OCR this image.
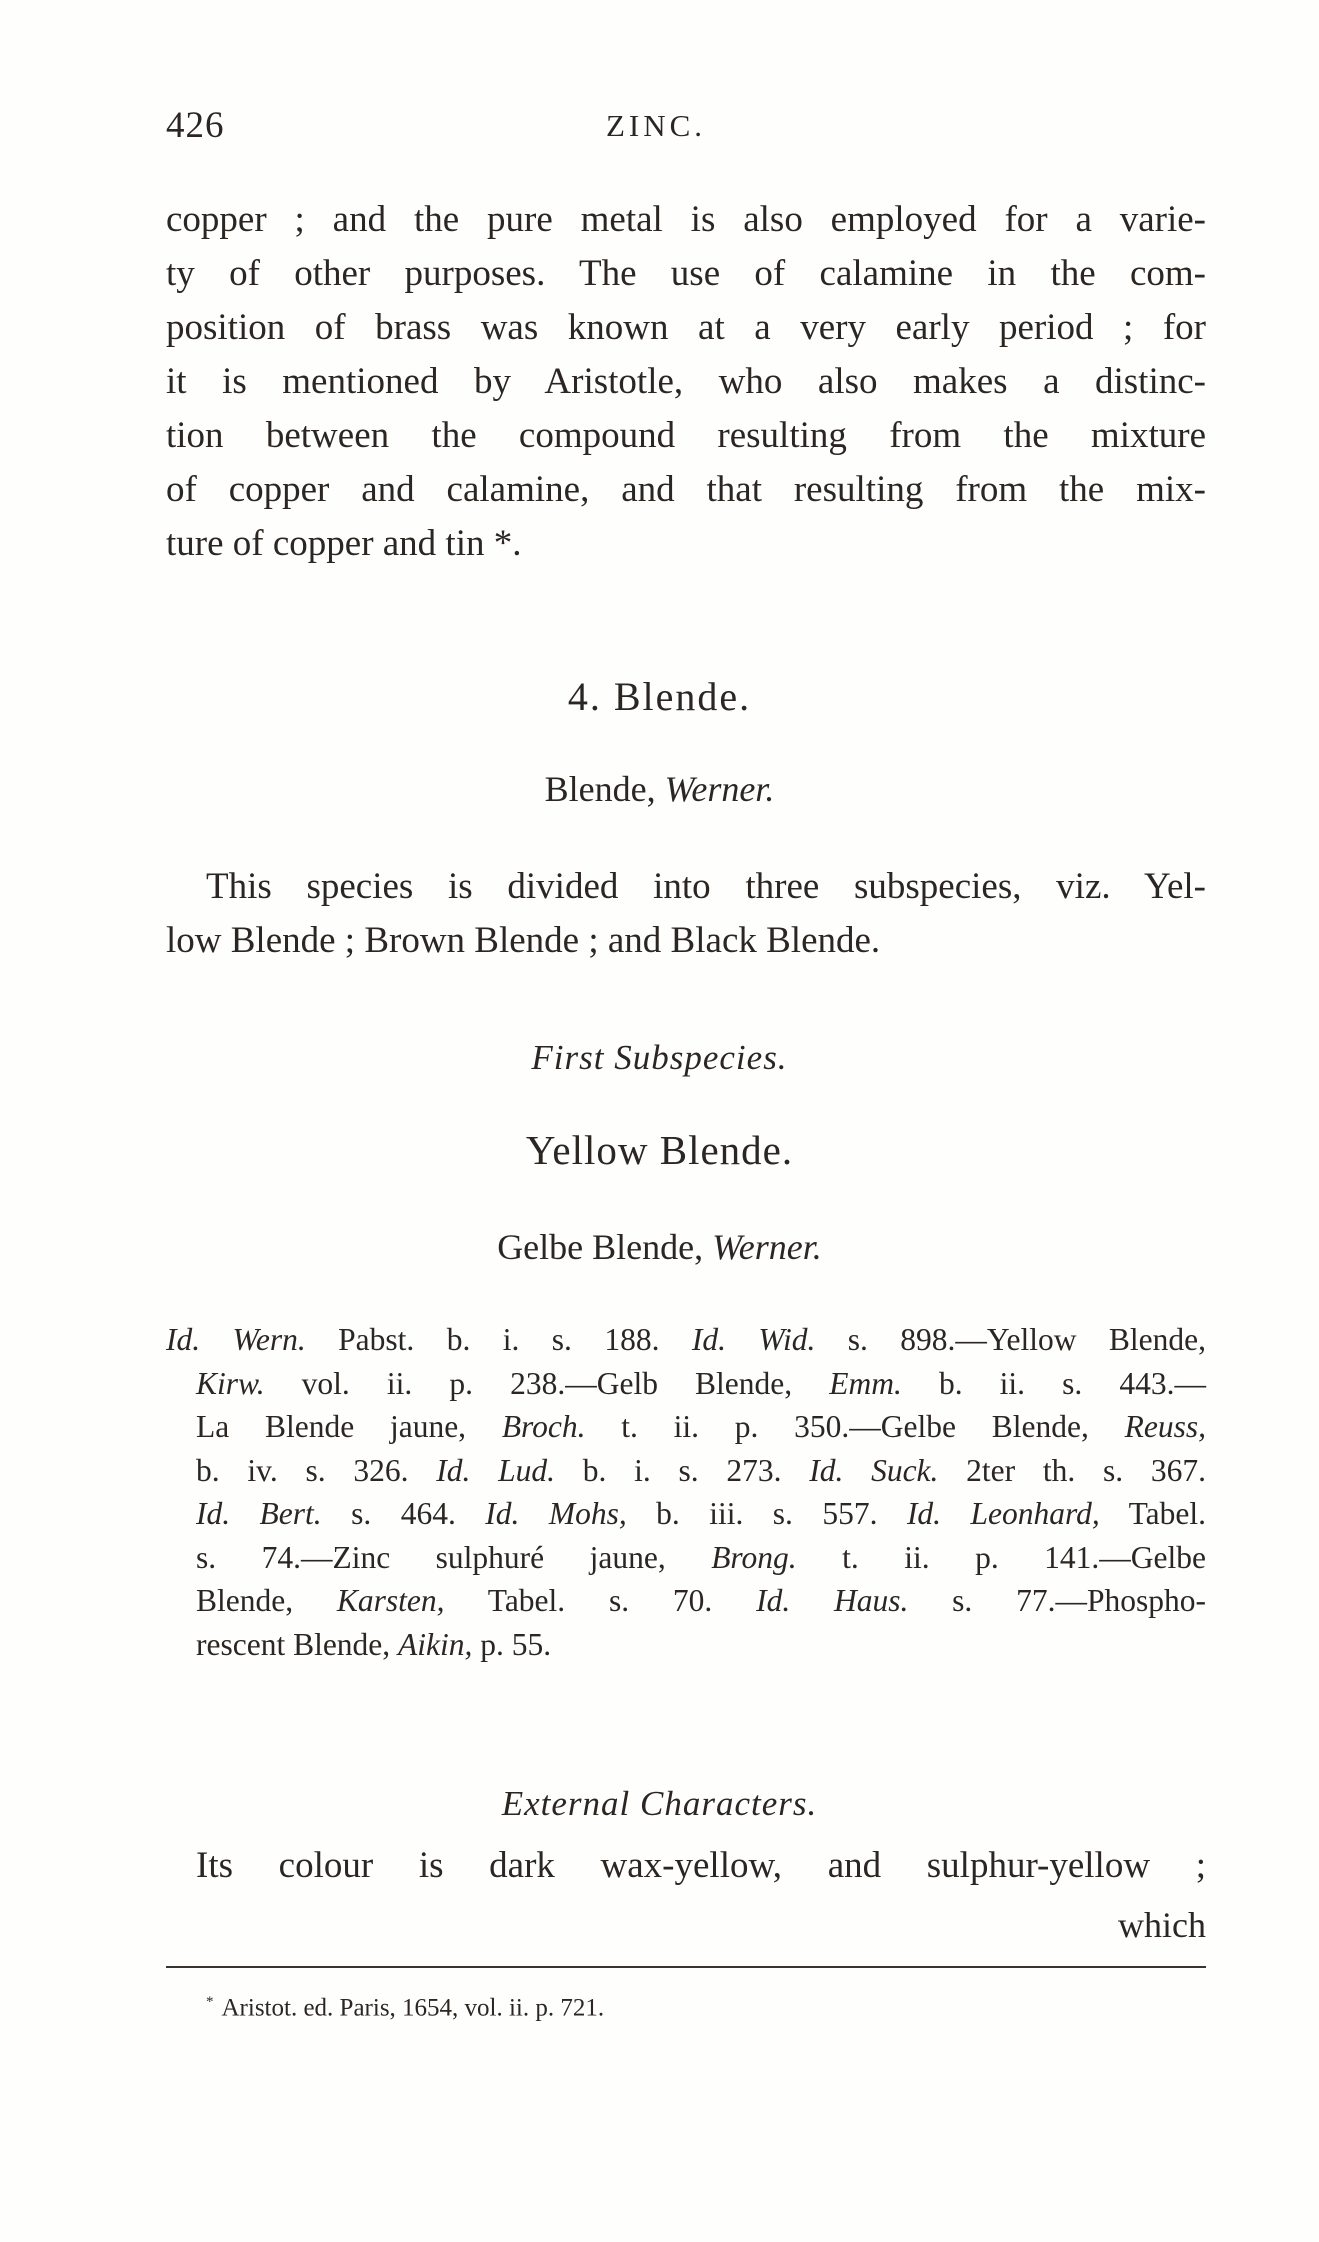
426	ZINC.
copper ; and the pure metal is also employed for a varie-
ty of other purposes. The use of calamine in the com-
position of brass was known at a very early period ; for
it is mentioned by Aristotle, who also makes a distinc-
tion between the compound resulting from the mixture
of copper and calamine, and that resulting from the mix-
ture of copper and tin *.
4. Blende.
Blende, Werner.
This species is divided into three subspecies, viz. Yel-
low Blende ; Brown Blende ; and Black Blende.
First Subspecies.
Yellow Blende.
Gelbe Blende, Werner.
Id. Wern. Pabst. b. i. s. 188. Id. Wid. s. 898.—Yellow Blende,
Kirw. vol. ii. p. 238.—Gelb Blende, Emm. b. ii. s. 443.—
La Blende jaune, Broch. t. ii. p. 350.—Gelbe Blende, Reuss,
b. iv. s. 326. Id. Lud. b. i. s. 273. Id. Suck. 2ter th. s. 367.
Id. Bert. s. 464. Id. Mohs, b. iii. s. 557. Id. Leonhard, Tabel.
s. 74.—Zinc sulphuré jaune, Brong. t. ii. p. 141.—Gelbe
Blende, Karsten, Tabel. s. 70. Id. Haus. s. 77.—Phospho-
rescent Blende, Aikin, p. 55.
External Characters.
Its colour is dark wax-yellow, and sulphur-yellow ;
which
* Aristot. ed. Paris, 1654, vol. ii. p. 721.
